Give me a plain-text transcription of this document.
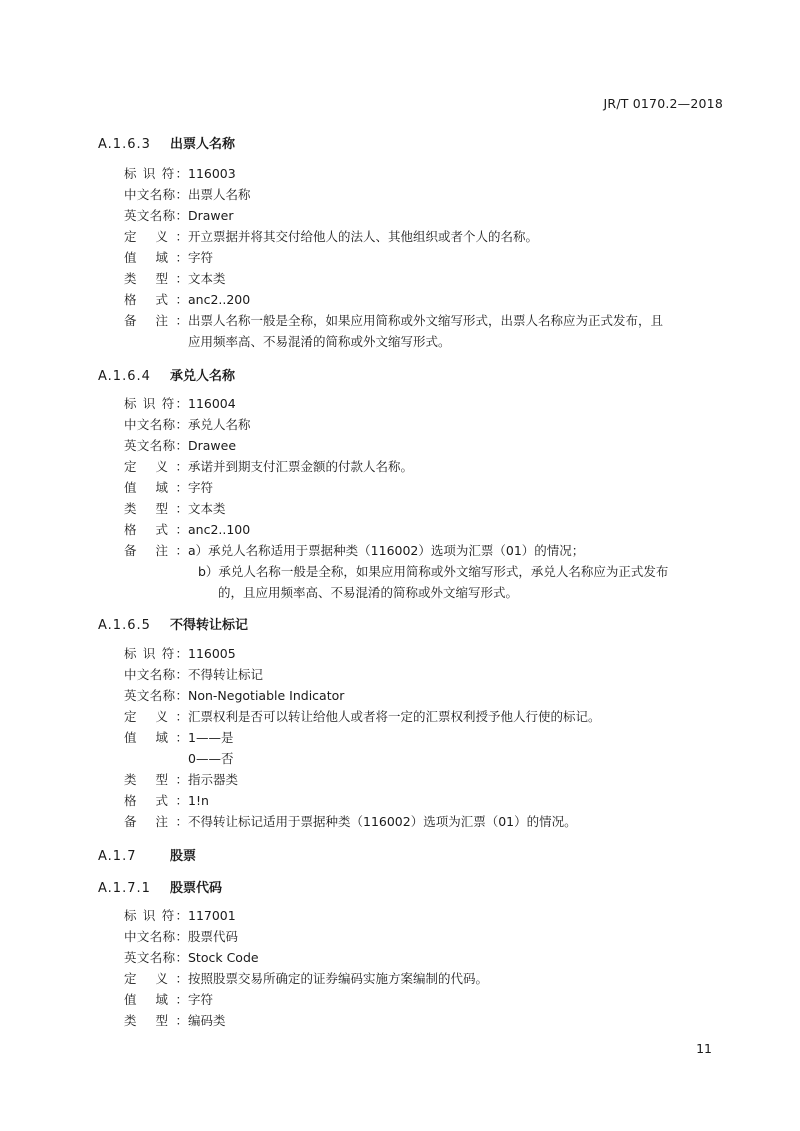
JR/T 0170.2—2018
A.1.6.3 出票人名称
标 识 符：116003
中文名称：出票人名称
英文名称：Drawer
定 义：开立票据并将其交付给他人的法人、其他组织或者个人的名称。
值 域：字符
类 型：文本类
格 式：anc2..200
备 注：出票人名称一般是全称，如果应用简称或外文缩写形式，出票人名称应为正式发布，且
应用频率高、不易混淆的简称或外文缩写形式。
A.1.6.4 承兑人名称
标 识 符：116004
中文名称：承兑人名称
英文名称：Drawee
定 义：承诺并到期支付汇票金额的付款人名称。
值 域：字符
类 型：文本类
格 式：anc2..100
备 注：a）承兑人名称适用于票据种类（116002）选项为汇票（01）的情况；
b）承兑人名称一般是全称，如果应用简称或外文缩写形式，承兑人名称应为正式发布
的，且应用频率高、不易混淆的简称或外文缩写形式。
A.1.6.5 不得转让标记
标 识 符：116005
中文名称：不得转让标记
英文名称：Non-Negotiable Indicator
定 义：汇票权利是否可以转让给他人或者将一定的汇票权利授予他人行使的标记。
值 域：1——是
0——否
类 型：指示器类
格 式：1!n
备 注：不得转让标记适用于票据种类（116002）选项为汇票（01）的情况。
A.1.7	股票
A.1.7.1 股票代码
标 识 符：117001
中文名称：股票代码
英文名称：Stock Code
定 义：按照股票交易所确定的证券编码实施方案编制的代码。
值 域：字符
类 型：编码类
11
